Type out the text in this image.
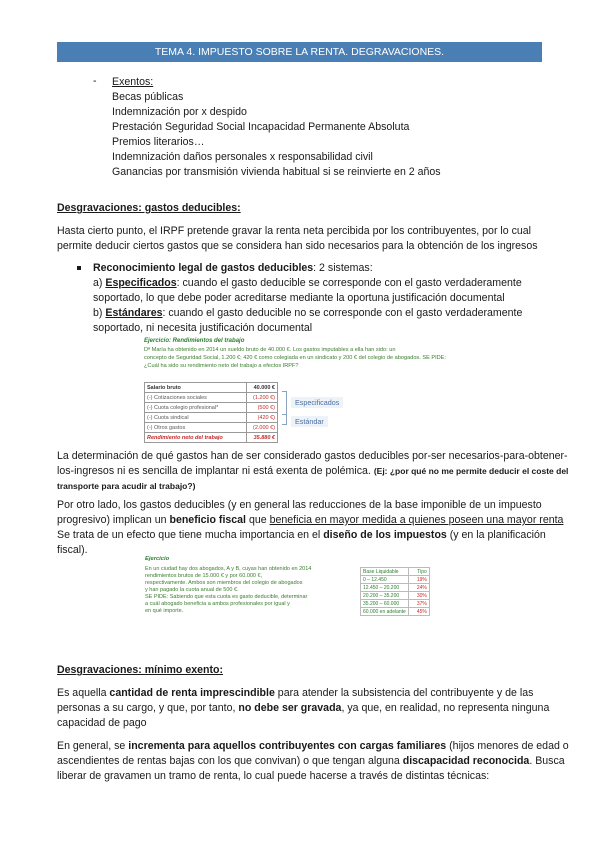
TEMA 4. IMPUESTO SOBRE LA RENTA. DEGRAVACIONES.
- Exentos:
Becas públicas
Indemnización por x despido
Prestación Seguridad Social Incapacidad Permanente Absoluta
Premios literarios…
Indemnización daños personales x responsabilidad civil
Ganancias por transmisión vivienda habitual si se reinvierte en 2 años
Desgravaciones: gastos deducibles:
Hasta cierto punto, el IRPF pretende gravar la renta neta percibida por los contribuyentes, por lo cual
permite deducir ciertos gastos que se considera han sido necesarios para la obtención de los ingresos
Reconocimiento legal de gastos deducibles: 2 sistemas:
a) Especificados: cuando el gasto deducible se corresponde con el gasto verdaderamente
soportado, lo que debe poder acreditarse mediante la oportuna justificación documental
b) Estándares: cuando el gasto deducible no se corresponde con el gasto verdaderamente
soportado, ni necesita justificación documental
Ejercicio: Rendimientos del trabajo
Dª María ha obtenido en 2014 un sueldo bruto de 40.000 €. Los gastos imputables a ella han sido: un
concepto de Seguridad Social, 1.200 €; 420 € como colegiada en un sindicato y 200 € del colegio de abogados. SE PIDE:
¿Cuál ha sido su rendimiento neto del trabajo a efectos IRPF?
Salario bruto	40.000 €
(-) Cotizaciones sociales	(1.200 €)
(-) Cuota colegio profesional*	(500 €)
(-) Cuota sindical	(420 €)
(-) Otros gastos	(2.000 €)
Rendimiento neto del trabajo	35.880 €
Especificados
Estándar
La determinación de qué gastos han de ser considerado gastos deducibles por-ser necesarios-para-obtener-
los-ingresos ni es sencilla de implantar ni está exenta de polémica. (Ej: ¿por qué no me permite deducir el coste del
transporte para acudir al trabajo?)
Por otro lado, los gastos deducibles (y en general las reducciones de la base imponible de un impuesto
progresivo) implican un beneficio fiscal que beneficia en mayor medida a quienes poseen una mayor renta
Se trata de un efecto que tiene mucha importancia en el diseño de los impuestos (y en la planificación
fiscal).
Ejercicio
En un ciudad hay dos abogados, A y B, cuyas han obtenido en 2014
rendimientos brutos de 15.000 € y por 60.000 €,
respectivamente. Ambos son miembros del colegio de abogados
y han pagado la cuota anual de 500 €.
SE PIDE: Sabiendo que esta cuota es gasto deducible, determinar
a cuál abogado beneficia a ambos profesionales por igual y
en qué importe.
Base Liquidable	Tipo
0 – 12.450	19%
12.450 – 20.200	24%
20.200 – 35.200	30%
35.200 – 60.000	37%
60.000 en adelante	45%
Desgravaciones: mínimo exento:
Es aquella cantidad de renta imprescindible para atender la subsistencia del contribuyente y de las
personas a su cargo, y que, por tanto, no debe ser gravada, ya que, en realidad, no representa ninguna
capacidad de pago
En general, se incrementa para aquellos contribuyentes con cargas familiares (hijos menores de edad o
ascendientes de rentas bajas con los que convivan) o que tengan alguna discapacidad reconocida. Busca
liberar de gravamen un tramo de renta, lo cual puede hacerse a través de distintas técnicas:
